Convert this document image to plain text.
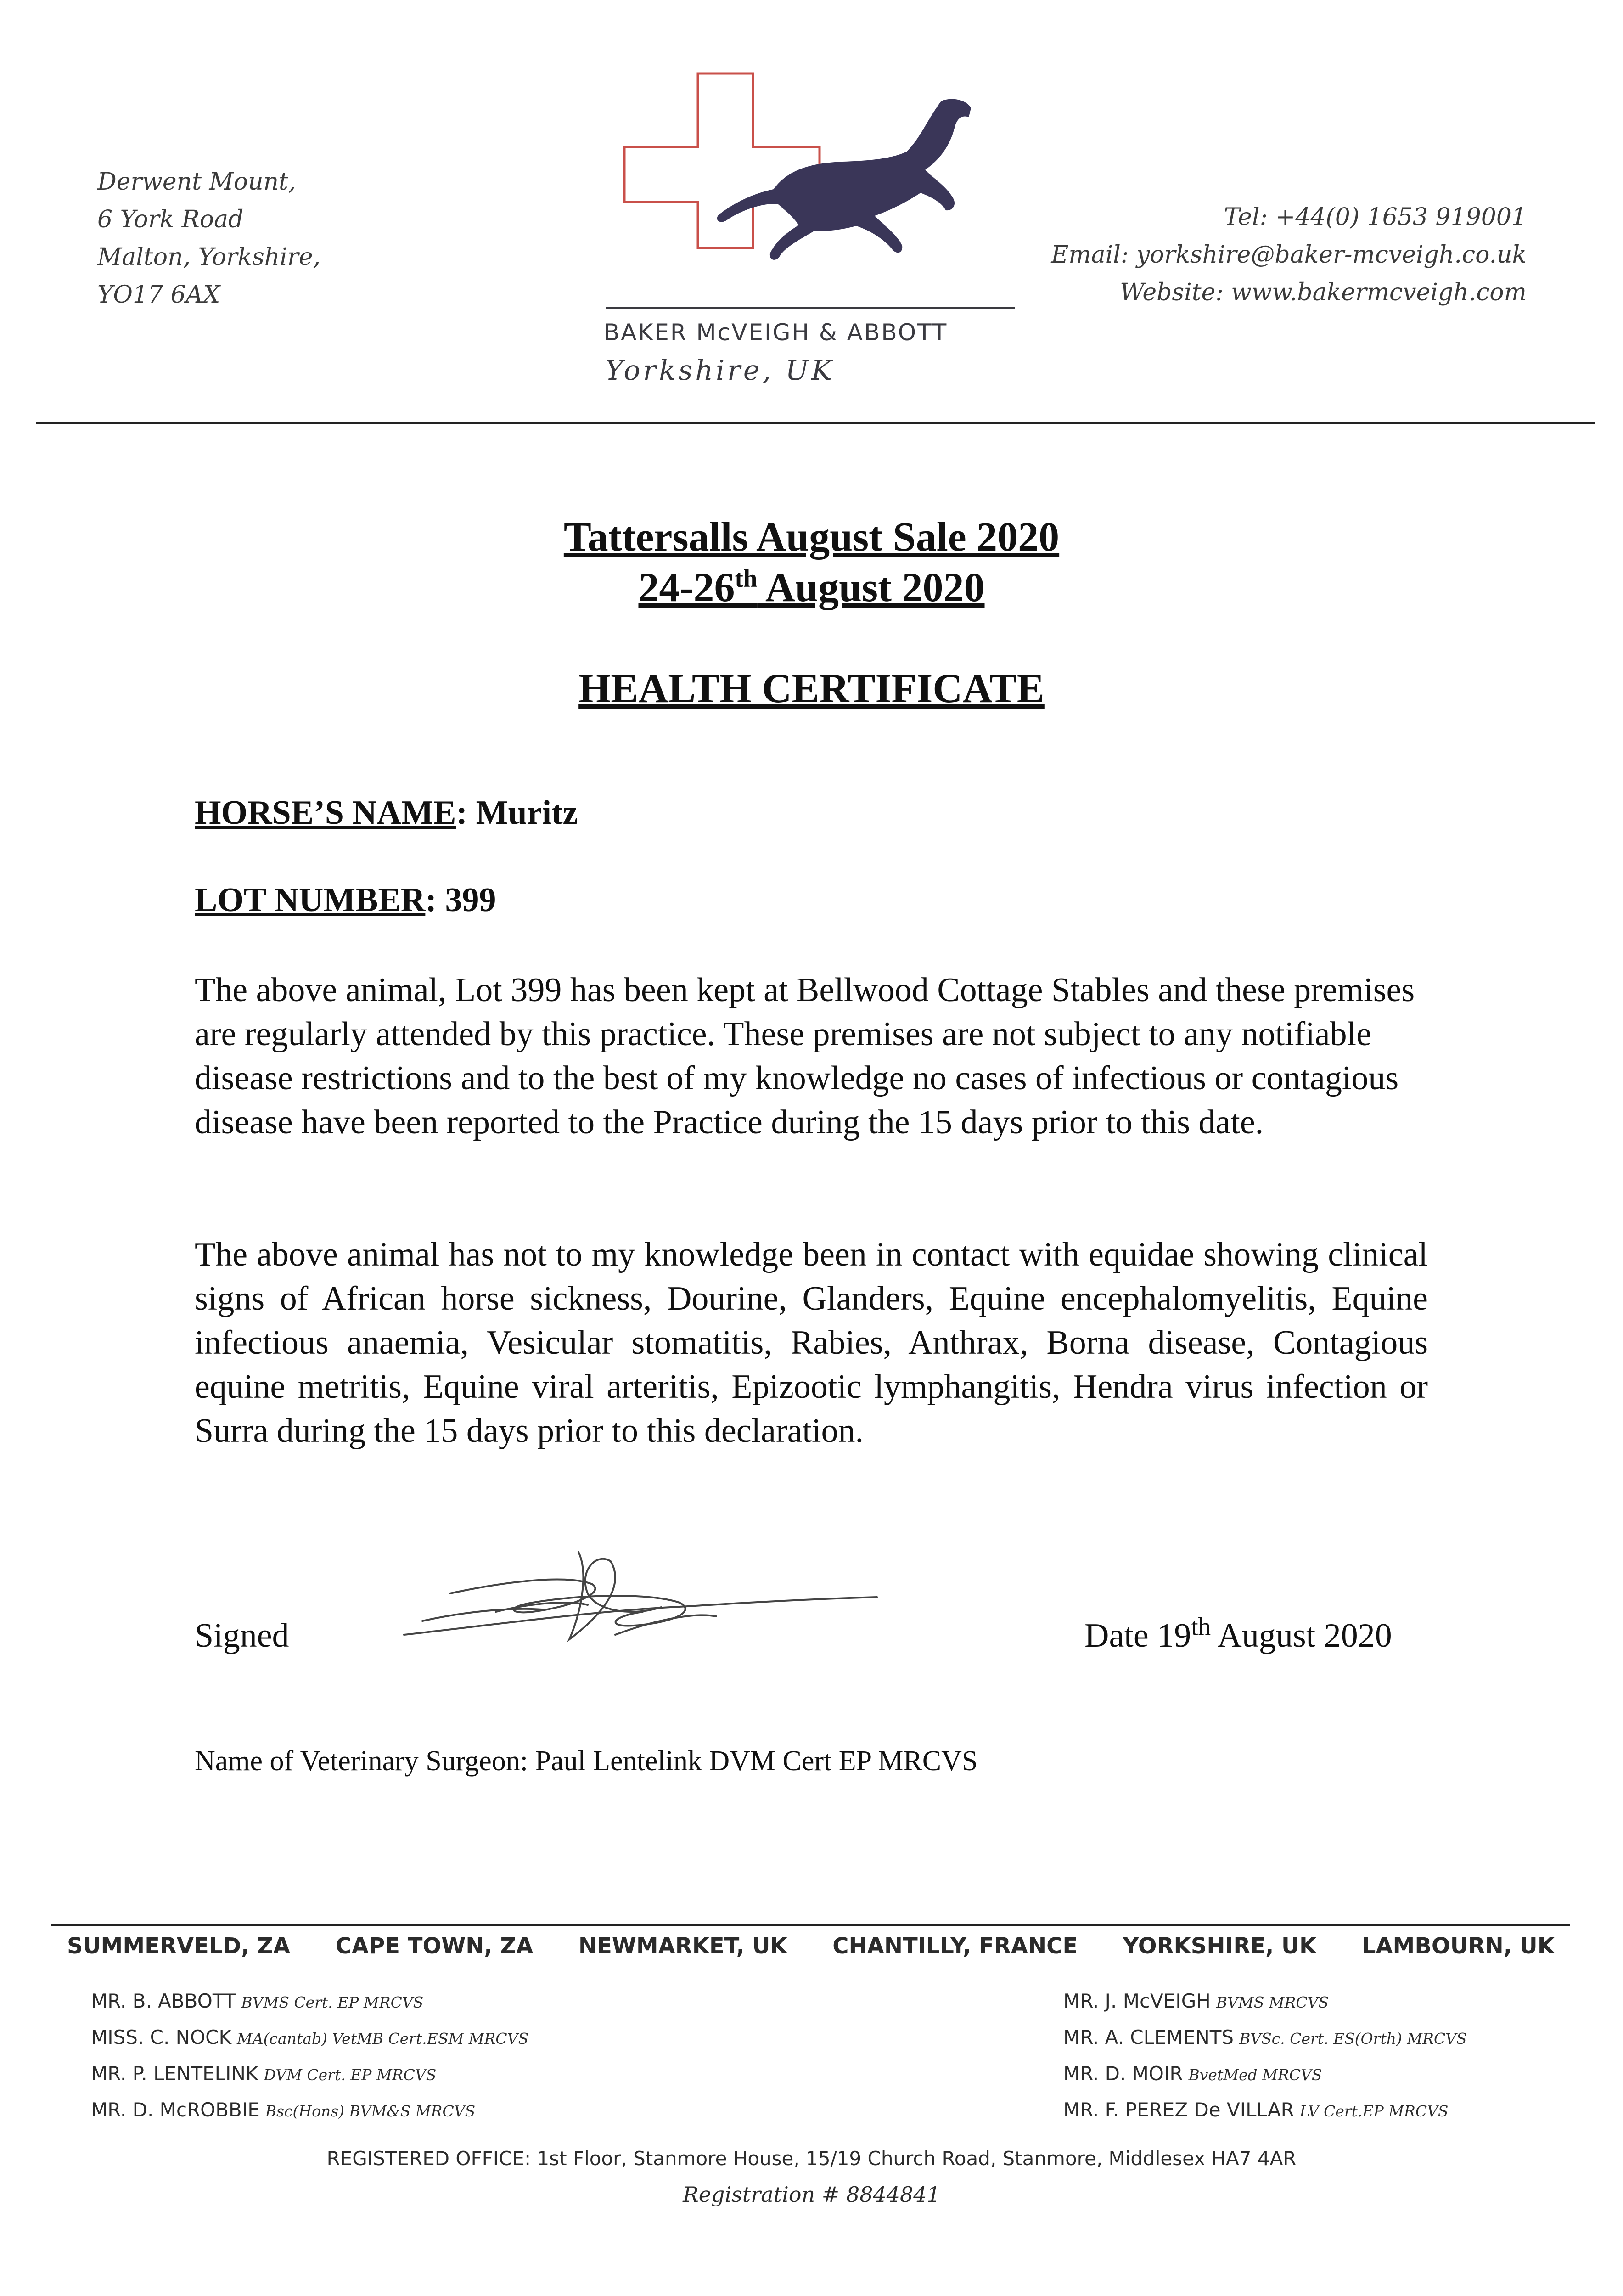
Derwent Mount,
6 York Road
Malton, Yorkshire,
YO17 6AX
BAKER McVEIGH & ABBOTT
Yorkshire, UK
Tel: +44(0) 1653 919001
Email: yorkshire@baker-mcveigh.co.uk
Website: www.bakermcveigh.com
Tattersalls August Sale 2020
24-26th August 2020
HEALTH CERTIFICATE
HORSE’S NAME: Muritz
LOT NUMBER: 399
The above animal, Lot 399 has been kept at Bellwood Cottage Stables and these premises are regularly attended by this practice. These premises are not subject to any notifiable disease restrictions and to the best of my knowledge no cases of infectious or contagious disease have been reported to the Practice during the 15 days prior to this date.
The above animal has not to my knowledge been in contact with equidae showing clinical signs of African horse sickness, Dourine, Glanders, Equine encephalomyelitis, Equine infectious anaemia, Vesicular stomatitis, Rabies, Anthrax, Borna disease, Contagious equine metritis, Equine viral arteritis, Epizootic lymphangitis, Hendra virus infection or Surra during the 15 days prior to this declaration.
Signed	Date 19th August 2020
Name of Veterinary Surgeon: Paul Lentelink DVM Cert EP MRCVS
SUMMERVELD, ZA CAPE TOWN, ZA NEWMARKET, UK CHANTILLY, FRANCE YORKSHIRE, UK LAMBOURN, UK
MR. B. ABBOTT BVMS Cert. EP MRCVS
MISS. C. NOCK MA(cantab) VetMB Cert.ESM MRCVS
MR. P. LENTELINK DVM Cert. EP MRCVS
MR. D. McROBBIE Bsc(Hons) BVM&S MRCVS
MR. J. McVEIGH BVMS MRCVS
MR. A. CLEMENTS BVSc. Cert. ES(Orth) MRCVS
MR. D. MOIR BvetMed MRCVS
MR. F. PEREZ De VILLAR LV Cert.EP MRCVS
REGISTERED OFFICE: 1st Floor, Stanmore House, 15/19 Church Road, Stanmore, Middlesex HA7 4AR
Registration # 8844841
